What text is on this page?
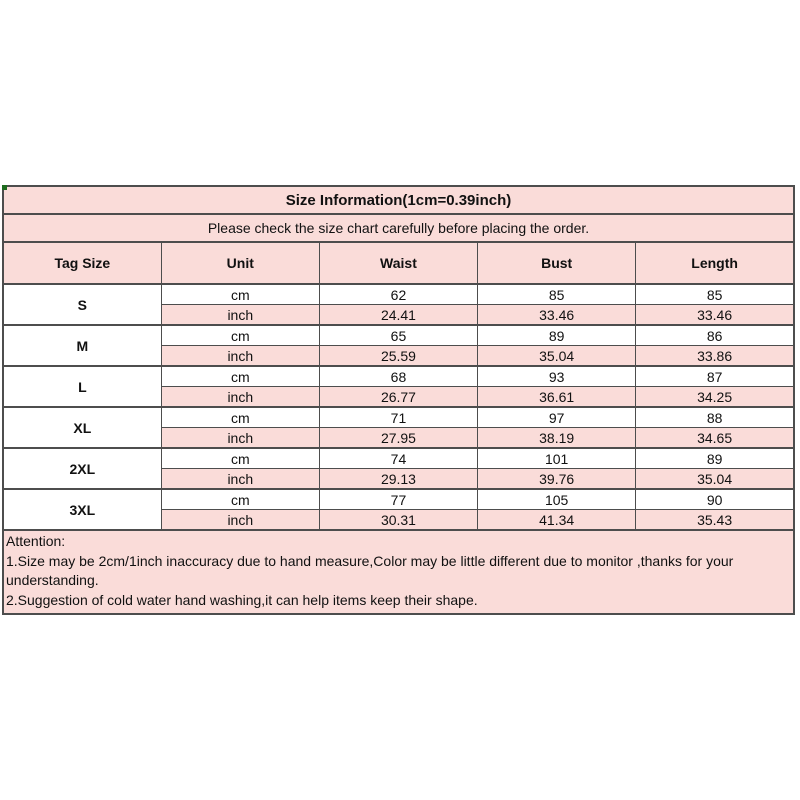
Size Information(1cm=0.39inch)				
Please check the size chart carefully before placing the order.				
Tag Size	Unit	Waist	Bust	Length
S	cm	62	85	85
	inch	24.41	33.46	33.46
M	cm	65	89	86
	inch	25.59	35.04	33.86
L	cm	68	93	87
	inch	26.77	36.61	34.25
XL	cm	71	97	88
	inch	27.95	38.19	34.65
2XL	cm	74	101	89
	inch	29.13	39.76	35.04
3XL	cm	77	105	90
	inch	30.31	41.34	35.43

Attention:
1.Size may be 2cm/1inch inaccuracy due to hand measure,Color may be little different due to monitor ,thanks for your understanding.
2.Suggestion of cold water hand washing,it can help items keep their shape.				
